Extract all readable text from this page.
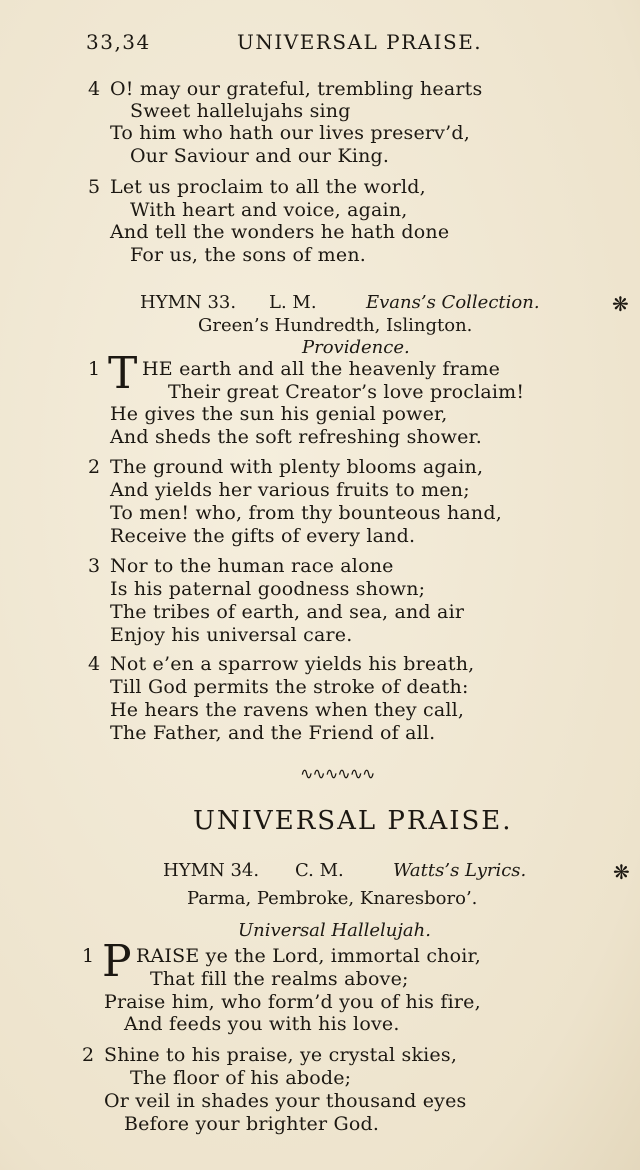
33,34	UNIVERSAL PRAISE.
4 O! may our grateful, trembling hearts
Sweet hallelujahs sing
To him who hath our lives preserv’d,
Our Saviour and our King.
5 Let us proclaim to all the world,
With heart and voice, again,
And tell the wonders he hath done
For us, the sons of men.
HYMN 33. L. M.	Evans’s Collection.	❋
Green’s Hundredth, Islington.
Providence.
1 T HE earth and all the heavenly frame
Their great Creator’s love proclaim!
He gives the sun his genial power,
And sheds the soft refreshing shower.
2 The ground with plenty blooms again,
And yields her various fruits to men;
To men! who, from thy bounteous hand,
Receive the gifts of every land.
3 Nor to the human race alone
Is his paternal goodness shown;
The tribes of earth, and sea, and air
Enjoy his universal care.
4 Not e’en a sparrow yields his breath,
Till God permits the stroke of death:
He hears the ravens when they call,
The Father, and the Friend of all.
∿∿∿∿∿∿
UNIVERSAL PRAISE.
HYMN 34. C. M.	Watts’s Lyrics.	❋
Parma, Pembroke, Knaresboro’.
Universal Hallelujah.
1 P RAISE ye the Lord, immortal choir,
That fill the realms above;
Praise him, who form’d you of his fire,
And feeds you with his love.
2 Shine to his praise, ye crystal skies,
The floor of his abode;
Or veil in shades your thousand eyes
Before your brighter God.
